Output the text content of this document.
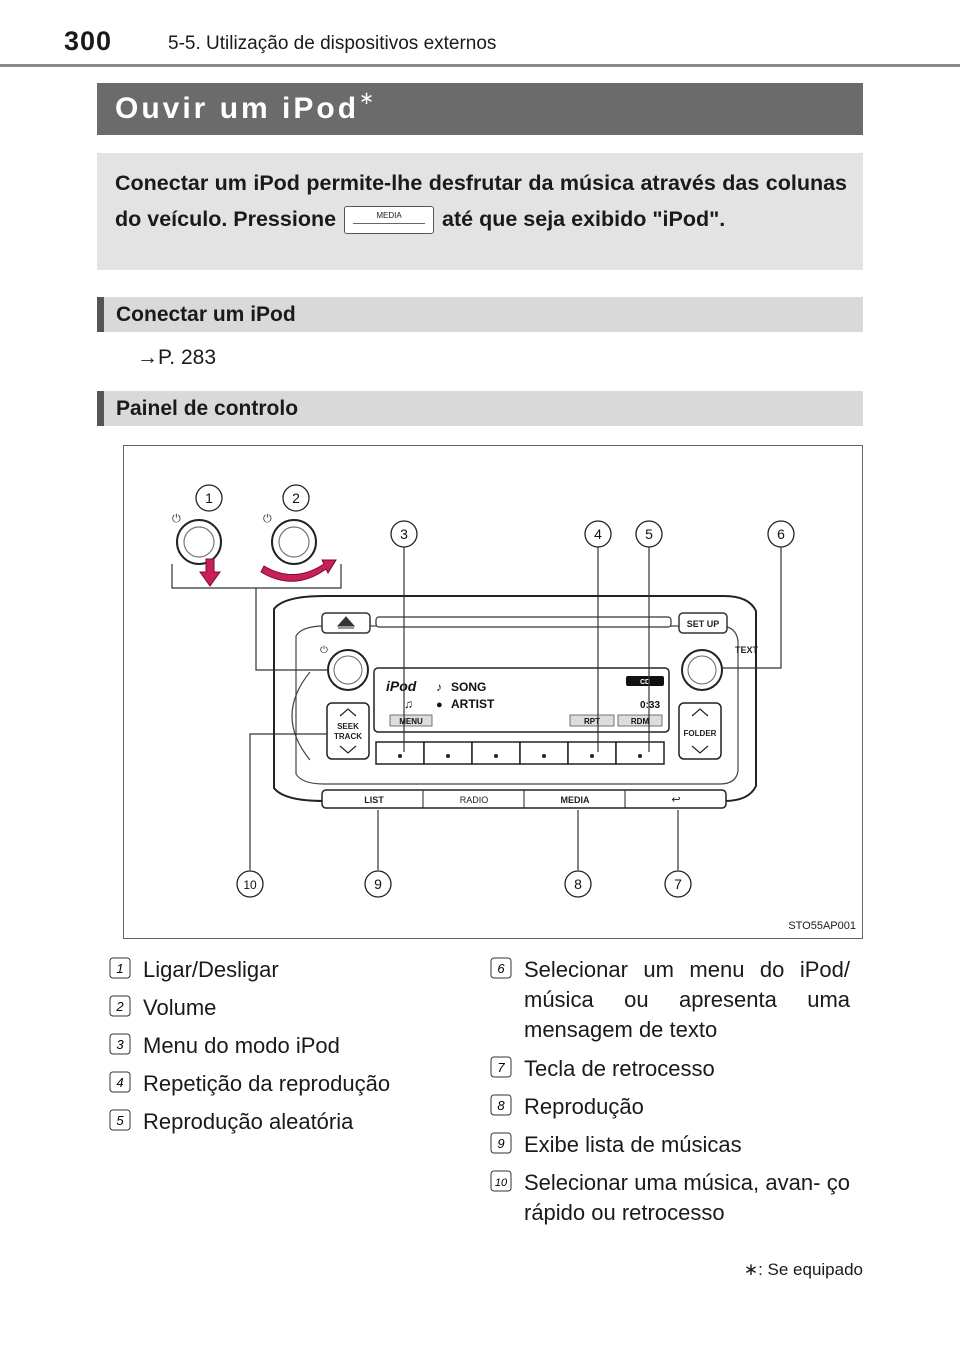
300	5-5. Utilização de dispositivos externos
Ouvir um iPod∗
Conectar um iPod permite-lhe desfrutar da música através das colunas do veículo. Pressione	MEDIA	até que seja exibido "iPod".
Conectar um iPod
→P. 283
Painel de controlo
SET UP
⏻	TEXT
iPod ♪ SONG
♫ ● ARTIST
CD
0:33
MENU	RPT	RDM
SEEK
TRACK	FOLDER
LIST	RADIO	MEDIA	↩
⏻	⏻
1	2
3	4	5	6
7
8
9
10
STO55AP001
1 Ligar/Desligar
2 Volume
3 Menu do modo iPod
4 Repetição da reprodução
5 Reprodução aleatória
6 Selecionar um menu do iPod/ música ou apresenta uma mensagem de texto
7 Tecla de retrocesso
8 Reprodução
9 Exibe lista de músicas
10 Selecionar uma música, avan- ço rápido ou retrocesso
∗: Se equipado
